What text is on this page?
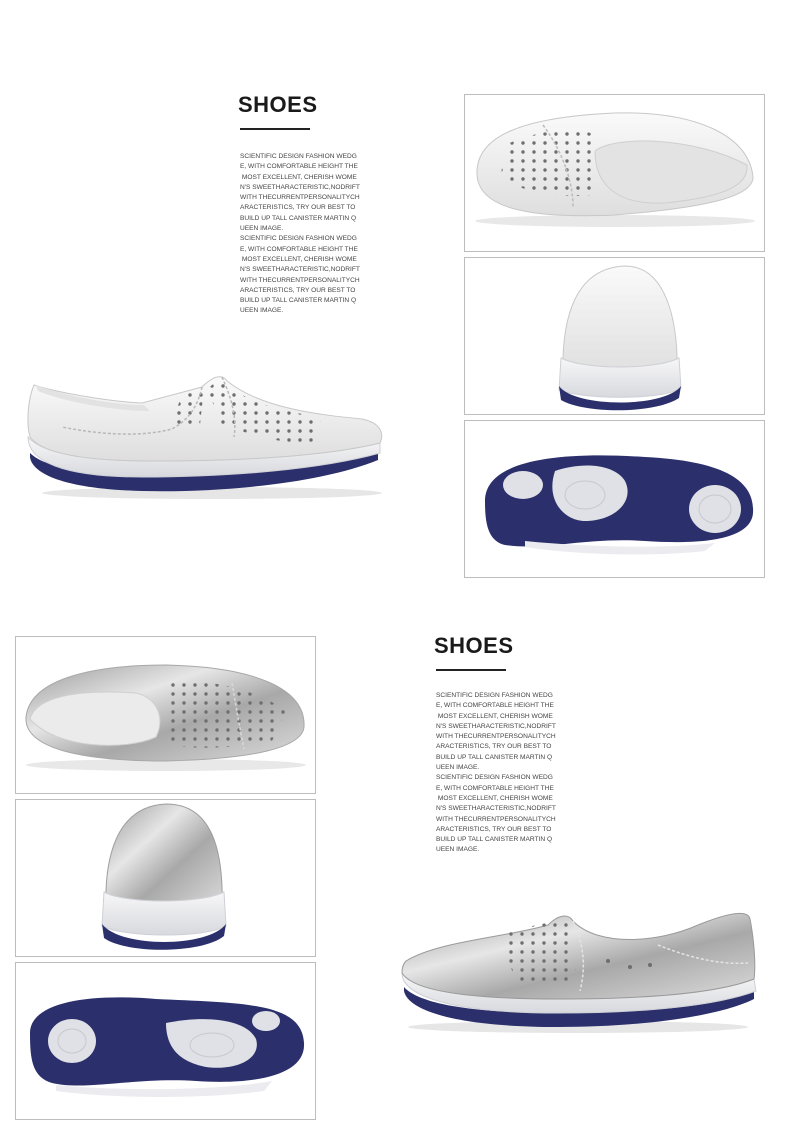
SHOES
SCIENTIFIC DESIGN FASHION WEDG
E, WITH COMFORTABLE HEIGHT THE
MOST EXCELLENT, CHERISH WOME
N'S SWEETHARACTERISTIC,NODRIFT
WITH THECURRENTPERSONALITYCH
ARACTERISTICS, TRY OUR BEST TO
BUILD UP TALL CANISTER MARTIN Q
UEEN IMAGE.
SCIENTIFIC DESIGN FASHION WEDG
E, WITH COMFORTABLE HEIGHT THE
MOST EXCELLENT, CHERISH WOME
N'S SWEETHARACTERISTIC,NODRIFT
WITH THECURRENTPERSONALITYCH
ARACTERISTICS, TRY OUR BEST TO
BUILD UP TALL CANISTER MARTIN Q
UEEN IMAGE.
SHOES
SCIENTIFIC DESIGN FASHION WEDG
E, WITH COMFORTABLE HEIGHT THE
MOST EXCELLENT, CHERISH WOME
N'S SWEETHARACTERISTIC,NODRIFT
WITH THECURRENTPERSONALITYCH
ARACTERISTICS, TRY OUR BEST TO
BUILD UP TALL CANISTER MARTIN Q
UEEN IMAGE.
SCIENTIFIC DESIGN FASHION WEDG
E, WITH COMFORTABLE HEIGHT THE
MOST EXCELLENT, CHERISH WOME
N'S SWEETHARACTERISTIC,NODRIFT
WITH THECURRENTPERSONALITYCH
ARACTERISTICS, TRY OUR BEST TO
BUILD UP TALL CANISTER MARTIN Q
UEEN IMAGE.
